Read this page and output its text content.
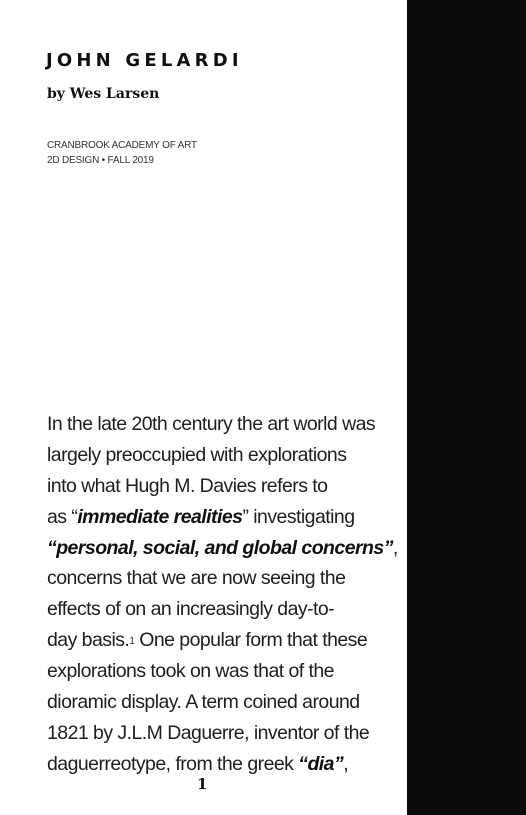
JOHN GELARDI
by Wes Larsen
CRANBROOK ACADEMY OF ART
2D DESIGN • FALL 2019
In the late 20th century the art world was
largely preoccupied with explorations
into what Hugh M. Davies refers to
as “immediate realities” investigating
“personal, social, and global concerns”,
concerns that we are now seeing the
effects of on an increasingly day-to-
day basis.$^1$ One popular form that these
explorations took on was that of the
dioramic display. A term coined around
1821 by J.L.M Daguerre, inventor of the
daguerreotype, from the greek “dia”,
1
